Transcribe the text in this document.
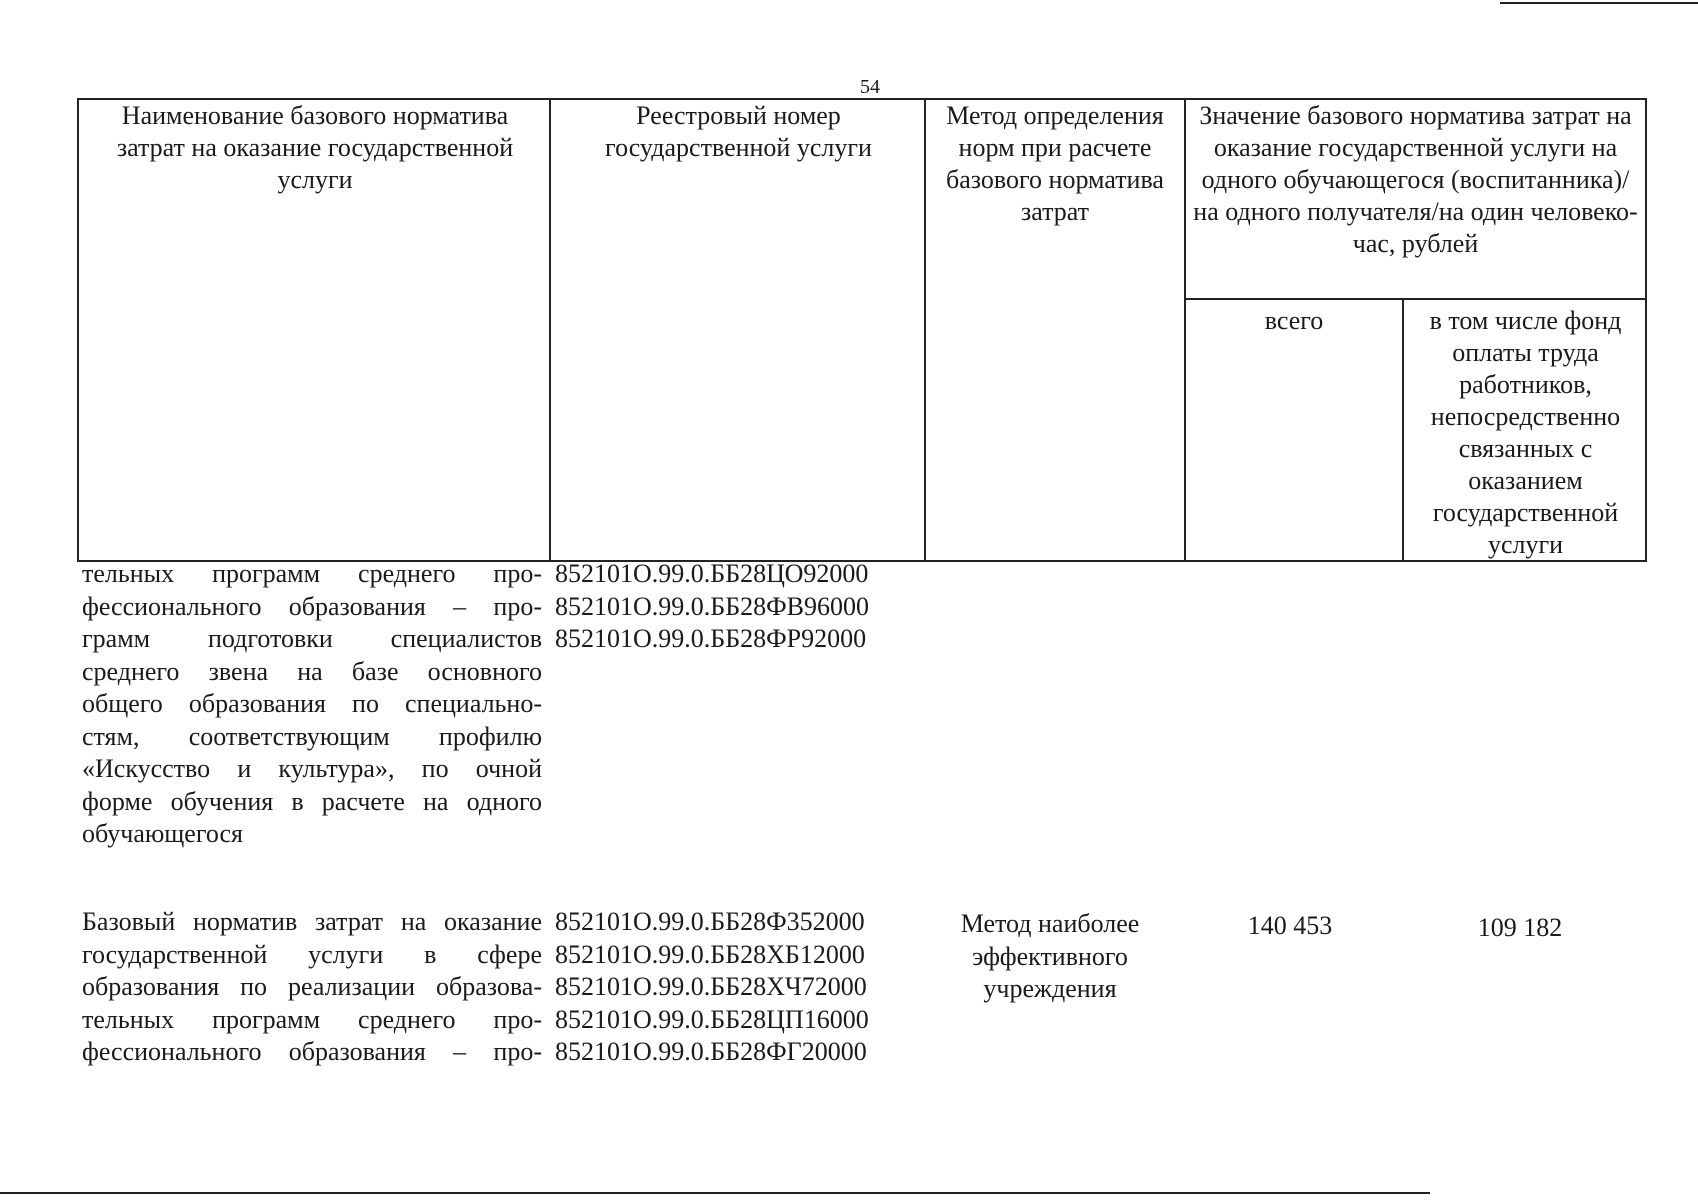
54
Наименование базового норматива затрат на оказание государственной услуги
Реестровый номер государственной услуги
Метод определения норм при расчете базового норматива затрат
Значение базового норматива затрат на оказание государственной услуги на одного обучающегося (воспитанника)/на одного получателя/на один человеко-час, рублей
всего	в том числе фонд оплаты труда работников, непосредственно связанных с оказанием государственной услуги
тельных программ среднего про-
фессионального образования – про-
грамм подготовки специалистов
среднего звена на базе основного
общего образования по специально-
стям, соответствующим профилю
«Искусство и культура», по очной
форме обучения в расчете на одного
обучающегося
852101О.99.0.ББ28ЦО92000
852101О.99.0.ББ28ФВ96000
852101О.99.0.ББ28ФР92000
Базовый норматив затрат на оказание
государственной услуги в сфере
образования по реализации образова-
тельных программ среднего про-
фессионального образования – про-
852101О.99.0.ББ28Ф352000
852101О.99.0.ББ28ХБ12000
852101О.99.0.ББ28ХЧ72000
852101О.99.0.ББ28ЦП16000
852101О.99.0.ББ28ФГ20000
Метод наиболее эффективного учреждения
140 453	109 182
